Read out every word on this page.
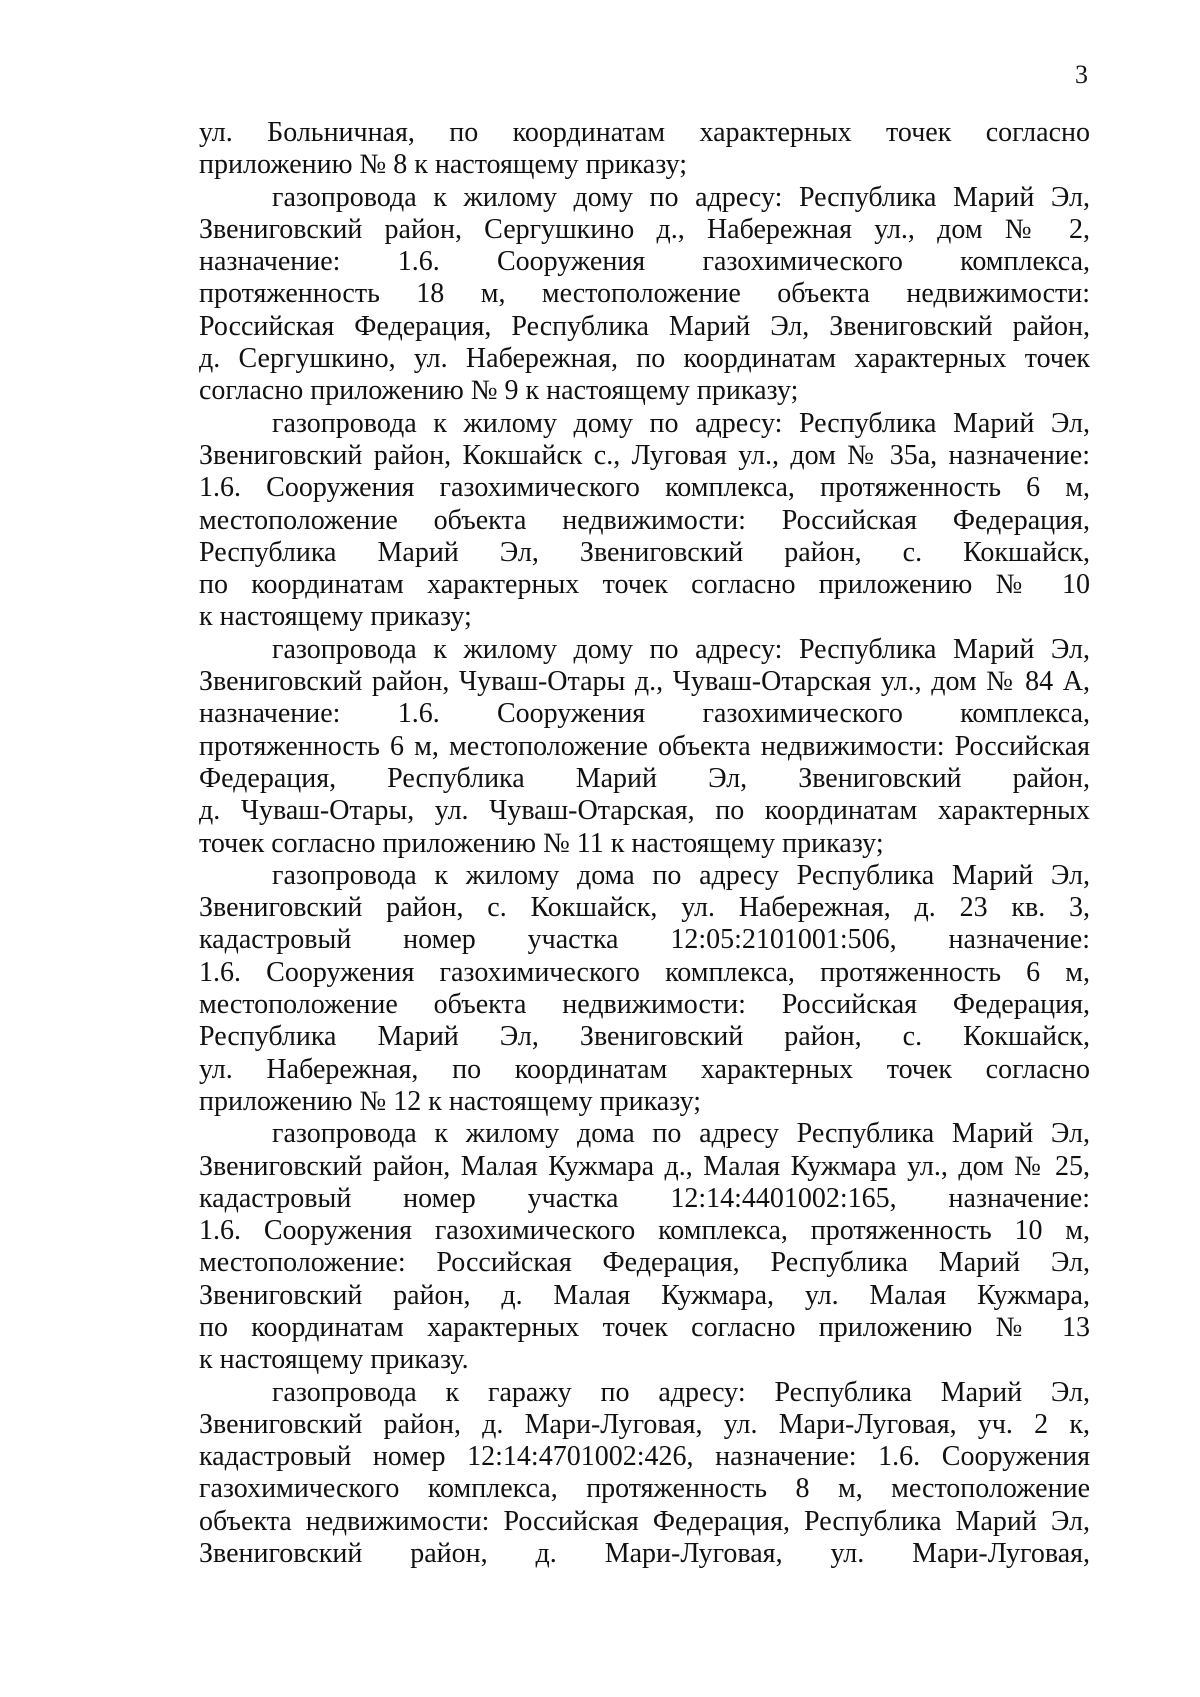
3

ул. Больничная, по координатам характерных точек согласно
приложению № 8 к настоящему приказу;

газопровода к жилому дому по адресу: Республика Марий Эл,
Звениговский район, Сергушкино д., Набережная ул., дом № 2,
назначение: 1.6. Сооружения газохимического комплекса,
протяженность 18 м, местоположение объекта недвижимости:
Российская Федерация, Республика Марий Эл, Звениговский район,
д. Сергушкино, ул. Набережная, по координатам характерных точек
согласно приложению № 9 к настоящему приказу;

газопровода к жилому дому по адресу: Республика Марий Эл,
Звениговский район, Кокшайск с., Луговая ул., дом № 35а, назначение:
1.6. Сооружения газохимического комплекса, протяженность 6 м,
местоположение объекта недвижимости: Российская Федерация,
Республика Марий Эл, Звениговский район, с. Кокшайск,
по координатам характерных точек согласно приложению № 10
к настоящему приказу;

газопровода к жилому дому по адресу: Республика Марий Эл,
Звениговский район, Чуваш-Отары д., Чуваш-Отарская ул., дом № 84 А,
назначение: 1.6. Сооружения газохимического комплекса,
протяженность 6 м, местоположение объекта недвижимости: Российская
Федерация, Республика Марий Эл, Звениговский район,
д. Чуваш-Отары, ул. Чуваш-Отарская, по координатам характерных
точек согласно приложению № 11 к настоящему приказу;

газопровода к жилому дома по адресу Республика Марий Эл,
Звениговский район, с. Кокшайск, ул. Набережная, д. 23 кв. 3,
кадастровый номер участка 12:05:2101001:506, назначение:
1.6. Сооружения газохимического комплекса, протяженность 6 м,
местоположение объекта недвижимости: Российская Федерация,
Республика Марий Эл, Звениговский район, с. Кокшайск,
ул. Набережная, по координатам характерных точек согласно
приложению № 12 к настоящему приказу;

газопровода к жилому дома по адресу Республика Марий Эл,
Звениговский район, Малая Кужмара д., Малая Кужмара ул., дом № 25,
кадастровый номер участка 12:14:4401002:165, назначение:
1.6. Сооружения газохимического комплекса, протяженность 10 м,
местоположение: Российская Федерация, Республика Марий Эл,
Звениговский район, д. Малая Кужмара, ул. Малая Кужмара,
по координатам характерных точек согласно приложению № 13
к настоящему приказу.

газопровода к гаражу по адресу: Республика Марий Эл,
Звениговский район, д. Мари-Луговая, ул. Мари-Луговая, уч. 2 к,
кадастровый номер 12:14:4701002:426, назначение: 1.6. Сооружения
газохимического комплекса, протяженность 8 м, местоположение
объекта недвижимости: Российская Федерация, Республика Марий Эл,
Звениговский район, д. Мари-Луговая, ул. Мари-Луговая,
